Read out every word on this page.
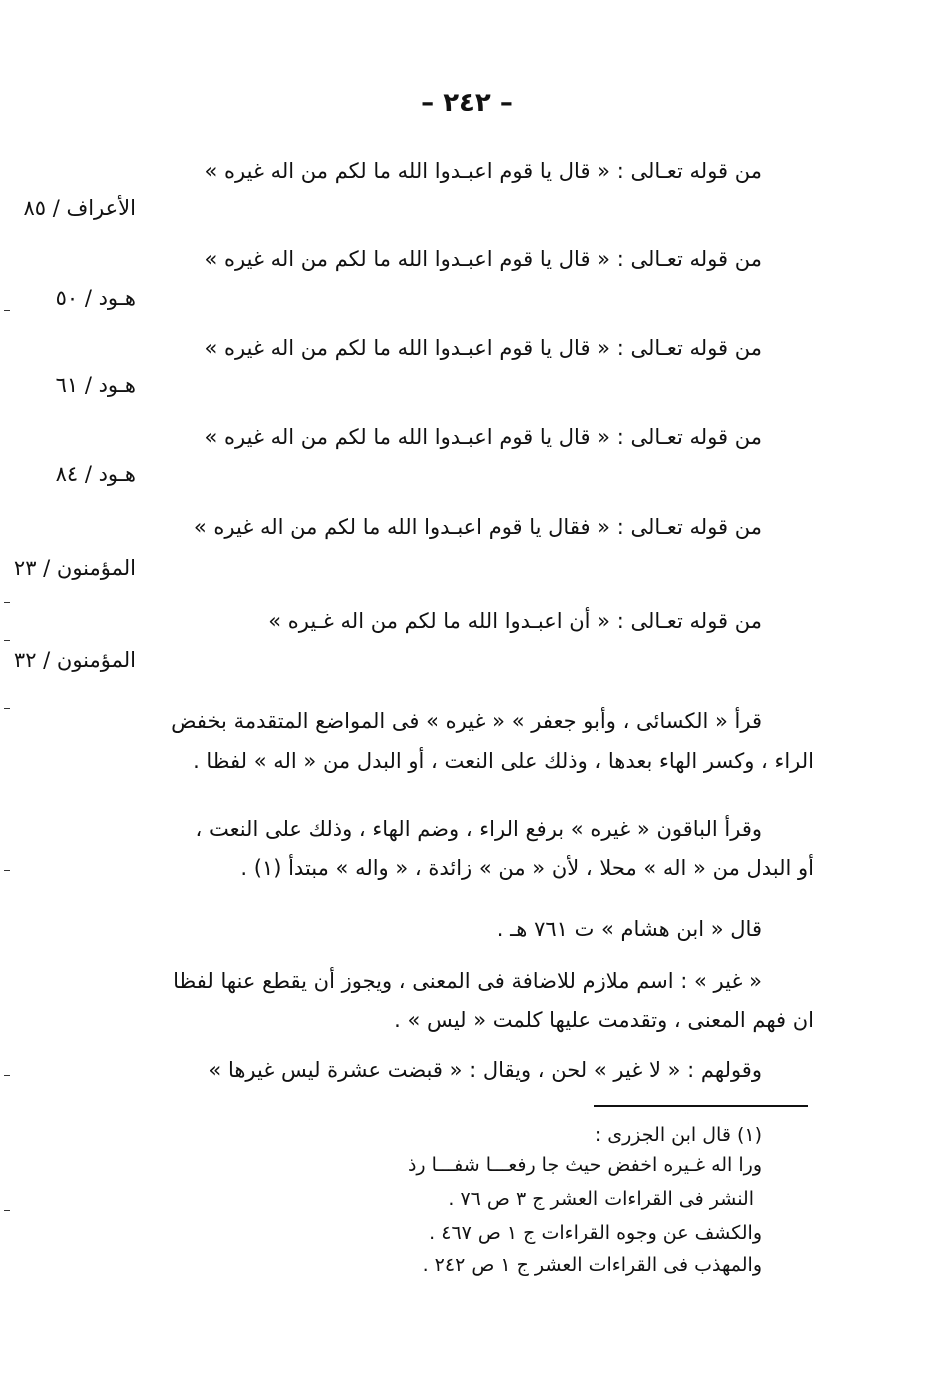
– ٢٤٢ –
من قوله تعـالى : « قال يا قوم اعبـدوا الله ما لكم من اله غيره »
الأعراف / ٨٥
من قوله تعـالى : « قال يا قوم اعبـدوا الله ما لكم من اله غيره »
هـود / ٥٠
من قوله تعـالى : « قال يا قوم اعبـدوا الله ما لكم من اله غيره »
هـود / ٦١
من قوله تعـالى : « قال يا قوم اعبـدوا الله ما لكم من اله غيره »
هـود / ٨٤
من قوله تعـالى : « فقال يا قوم اعبـدوا الله ما لكم من اله غيره »
المؤمنون / ٢٣
من قوله تعـالى : « أن اعبـدوا الله ما لكم من اله غـيره »
المؤمنون / ٣٢
قرأ « الكسائى ، وأبو جعفر » « غيره » فى المواضع المتقدمة بخفض
الراء ، وكسر الهاء بعدها ، وذلك على النعت ، أو البدل من « اله » لفظا .
وقرأ الباقون « غيره » برفع الراء ، وضم الهاء ، وذلك على النعت ،
أو البدل من « اله » محلا ، لأن « من » زائدة ، « واله » مبتدأ (١) .
قال « ابن هشام » ت ٧٦١ هـ .
« غير » : اسم ملازم للاضافة فى المعنى ، ويجوز أن يقطع عنها لفظا
ان فهم المعنى ، وتقدمت عليها كلمت « ليس » .
وقولهم : « لا غير » لحن ، ويقال : « قبضت عشرة ليس غيرها »
(١) قال ابن الجزرى :
ورا اله غـيره اخفض حيث جا رفعـــا شفـــا رذ
النشر فى القراءات العشر ج ٣ ص ٧٦ .
والكشف عن وجوه القراءات ج ١ ص ٤٦٧ .
والمهذب فى القراءات العشر ج ١ ص ٢٤٢ .
